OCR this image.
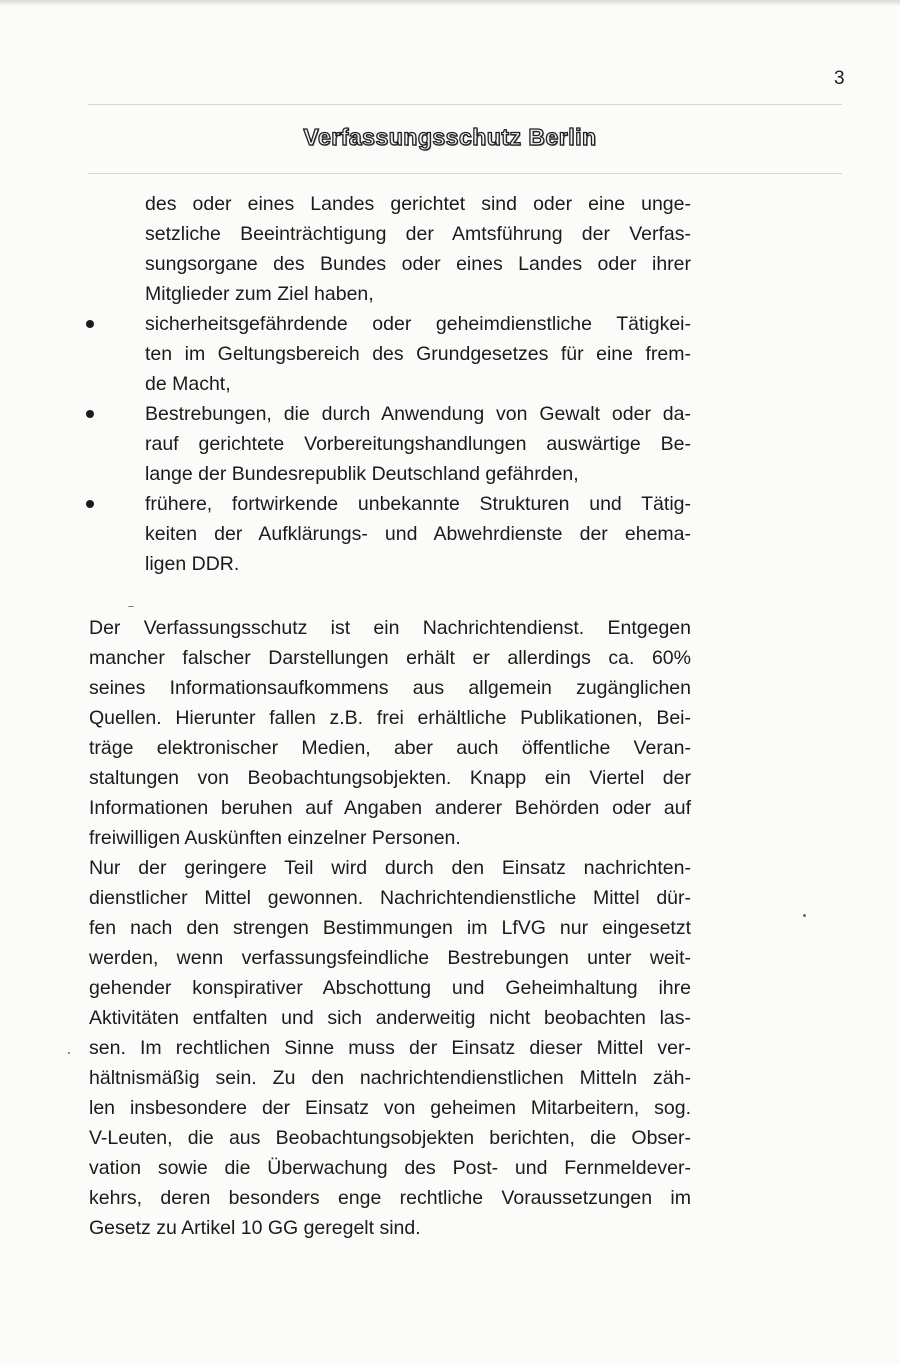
3
Verfassungsschutz Berlin
des oder eines Landes gerichtet sind oder eine unge-
setzliche Beeinträchtigung der Amtsführung der Verfas-
sungsorgane des Bundes oder eines Landes oder ihrer
Mitglieder zum Ziel haben,
sicherheitsgefährdende oder geheimdienstliche Tätigkei-
ten im Geltungsbereich des Grundgesetzes für eine frem-
de Macht,
Bestrebungen, die durch Anwendung von Gewalt oder da-
rauf gerichtete Vorbereitungshandlungen auswärtige Be-
lange der Bundesrepublik Deutschland gefährden,
frühere, fortwirkende unbekannte Strukturen und Tätig-
keiten der Aufklärungs- und Abwehrdienste der ehema-
ligen DDR.
Der Verfassungsschutz ist ein Nachrichtendienst. Entgegen
mancher falscher Darstellungen erhält er allerdings ca. 60%
seines Informationsaufkommens aus allgemein zugänglichen
Quellen. Hierunter fallen z.B. frei erhältliche Publikationen, Bei-
träge elektronischer Medien, aber auch öffentliche Veran-
staltungen von Beobachtungsobjekten. Knapp ein Viertel der
Informationen beruhen auf Angaben anderer Behörden oder auf
freiwilligen Auskünften einzelner Personen.
Nur der geringere Teil wird durch den Einsatz nachrichten-
dienstlicher Mittel gewonnen. Nachrichtendienstliche Mittel dür-
fen nach den strengen Bestimmungen im LfVG nur eingesetzt
werden, wenn verfassungsfeindliche Bestrebungen unter weit-
gehender konspirativer Abschottung und Geheimhaltung ihre
Aktivitäten entfalten und sich anderweitig nicht beobachten las-
sen. Im rechtlichen Sinne muss der Einsatz dieser Mittel ver-
hältnismäßig sein. Zu den nachrichtendienstlichen Mitteln zäh-
len insbesondere der Einsatz von geheimen Mitarbeitern, sog.
V-Leuten, die aus Beobachtungsobjekten berichten, die Obser-
vation sowie die Überwachung des Post- und Fernmeldever-
kehrs, deren besonders enge rechtliche Voraussetzungen im
Gesetz zu Artikel 10 GG geregelt sind.
